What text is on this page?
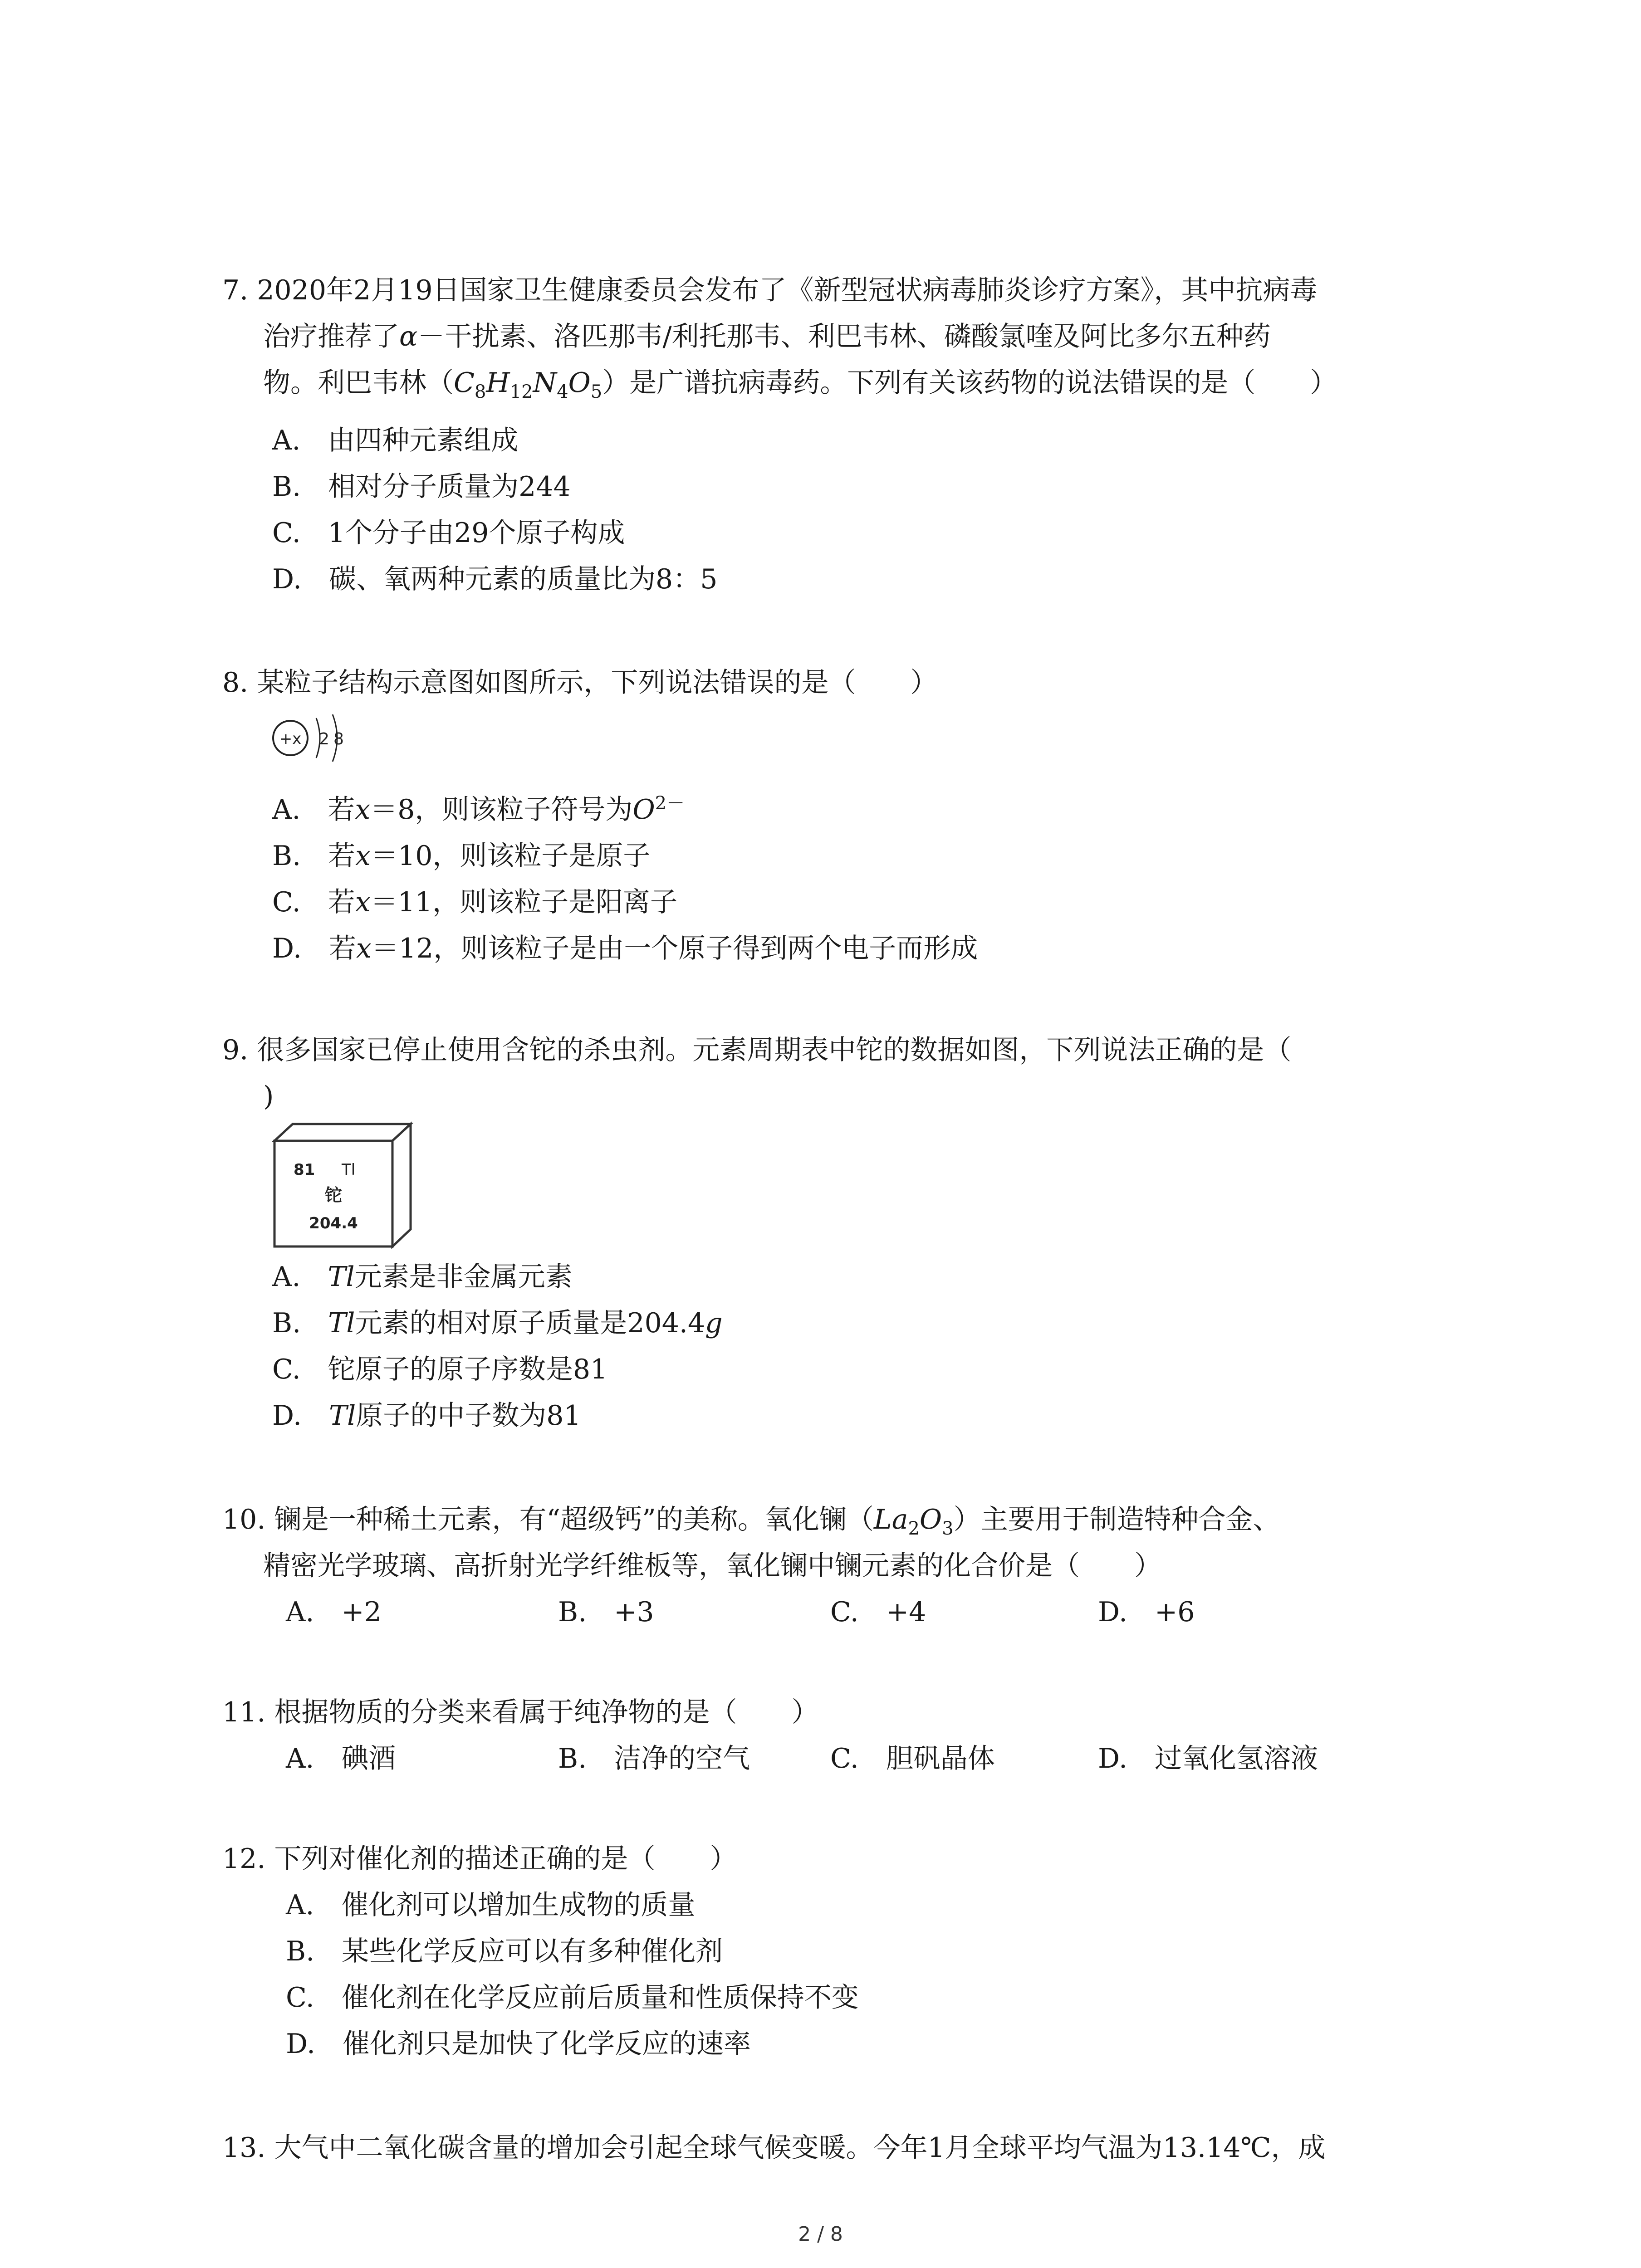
7. 2020年2月19日国家卫生健康委员会发布了《新型冠状病毒肺炎诊疗方案》，其中抗病毒
治疗推荐了α－干扰素、洛匹那韦/利托那韦、利巴韦林、磷酸氯喹及阿比多尔五种药
物。利巴韦林$(C_8H_{12}N_4O_5)$是广谱抗病毒药。下列有关该药物的说法错误的是（　　）
A.　由四种元素组成
B.　相对分子质量为244
C.　1个分子由29个原子构成
D.　碳、氧两种元素的质量比为8：5
8. 某粒子结构示意图如图所示，下列说法错误的是（　　）
+x 2 8
A.　若x＝8，则该粒子符号为$O^{2-}$
B.　若x＝10，则该粒子是原子
C.　若x＝11，则该粒子是阳离子
D.　若x＝12，则该粒子是由一个原子得到两个电子而形成
9. 很多国家已停止使用含铊的杀虫剂。元素周期表中铊的数据如图，下列说法正确的是（
)
81 Tl
铊
204.4
A.　Tl元素是非金属元素
B.　Tl元素的相对原子质量是204.4g
C.　铊原子的原子序数是81
D.　Tl原子的中子数为81
10. 镧是一种稀土元素，有“超级钙”的美称。氧化镧$(La_2O_3)$主要用于制造特种合金、
精密光学玻璃、高折射光学纤维板等，氧化镧中镧元素的化合价是（　　）
A.　+2	B.　+3	C.　+4	D.　+6
11. 根据物质的分类来看属于纯净物的是（　　）
A.　碘酒	B.　洁净的空气	C.　胆矾晶体	D.　过氧化氢溶液
12. 下列对催化剂的描述正确的是（　　）
A.　催化剂可以增加生成物的质量
B.　某些化学反应可以有多种催化剂
C.　催化剂在化学反应前后质量和性质保持不变
D.　催化剂只是加快了化学反应的速率
13. 大气中二氧化碳含量的增加会引起全球气候变暖。今年1月全球平均气温为13.14℃，成
2 / 8
